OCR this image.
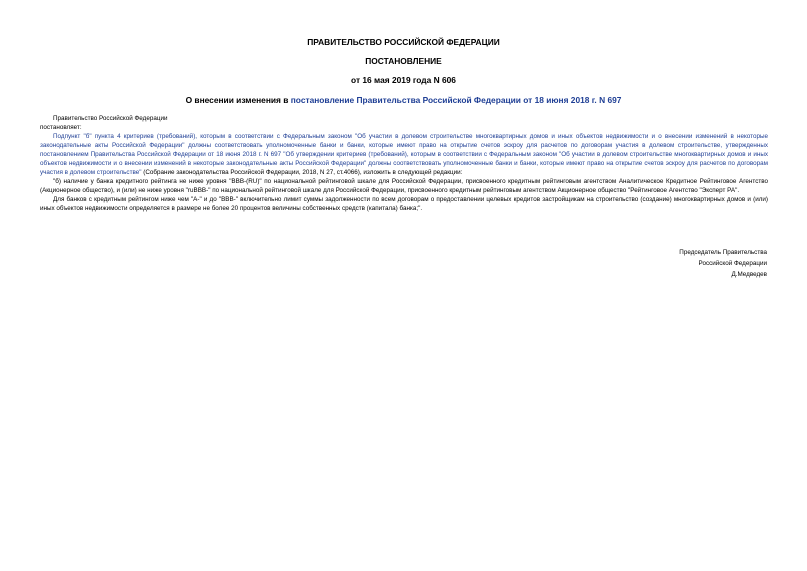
ПРАВИТЕЛЬСТВО РОССИЙСКОЙ ФЕДЕРАЦИИ
ПОСТАНОВЛЕНИЕ
от 16 мая 2019 года N 606
О внесении изменения в постановление Правительства Российской Федерации от 18 июня 2018 г. N 697

Правительство Российской Федерации

постановляет:

Подпункт "б" пункта 4 критериев (требований), которым в соответствии с Федеральным законом "Об участии в долевом строительстве многоквартирных домов и иных объектов недвижимости и о внесении изменений в некоторые законодательные акты Российской Федерации" должны соответствовать уполномоченные банки и банки, которые имеют право на открытие счетов эскроу для расчетов по договорам участия в долевом строительстве, утвержденных постановлением Правительства Российской Федерации от 18 июня 2018 г. N 697 "Об утверждении критериев (требований), которым в соответствии с Федеральным законом "Об участии в долевом строительстве многоквартирных домов и иных объектов недвижимости и о внесении изменений в некоторые законодательные акты Российской Федерации" должны соответствовать уполномоченные банки и банки, которые имеют право на открытие счетов эскроу для расчетов по договорам участия в долевом строительстве" (Собрание законодательства Российской Федерации, 2018, N 27, ст.4066), изложить в следующей редакции:

"б) наличие у банка кредитного рейтинга не ниже уровня "BBB-(RU)" по национальной рейтинговой шкале для Российской Федерации, присвоенного кредитным рейтинговым агентством Аналитическое Кредитное Рейтинговое Агентство (Акционерное общество), и (или) не ниже уровня "ruBBB-" по национальной рейтинговой шкале для Российской Федерации, присвоенного кредитным рейтинговым агентством Акционерное общество "Рейтинговое Агентство "Эксперт РА".

Для банков с кредитным рейтингом ниже чем "А-" и до "BBB-" включительно лимит суммы задолженности по всем договорам о предоставлении целевых кредитов застройщикам на строительство (создание) многоквартирных домов и (или) иных объектов недвижимости определяется в размере не более 20 процентов величины собственных средств (капитала) банка;".

Председатель Правительства
Российской Федерации
Д.Медведев
